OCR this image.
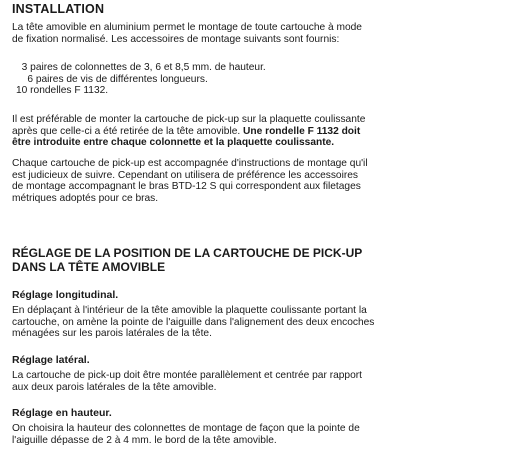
INSTALLATION

La tête amovible en aluminium permet le montage de toute cartouche à mode
de fixation normalisé. Les accessoires de montage suivants sont fournis:

3 paires de colonnettes de 3, 6 et 8,5 mm. de hauteur.
6 paires de vis de différentes longueurs.
10 rondelles F 1132.

Il est préférable de monter la cartouche de pick-up sur la plaquette coulissante
après que celle-ci a été retirée de la tête amovible. Une rondelle F 1132 doit
être introduite entre chaque colonnette et la plaquette coulissante.

Chaque cartouche de pick-up est accompagnée d'instructions de montage qu'il
est judicieux de suivre. Cependant on utilisera de préférence les accessoires
de montage accompagnant le bras BTD-12 S qui correspondent aux filetages
métriques adoptés pour ce bras.

RÉGLAGE DE LA POSITION DE LA CARTOUCHE DE PICK-UP
DANS LA TÊTE AMOVIBLE
Réglage longitudinal.

En déplaçant à l'intérieur de la tête amovible la plaquette coulissante portant la
cartouche, on amène la pointe de l'aiguille dans l'alignement des deux encoches
ménagées sur les parois latérales de la tête.

Réglage latéral.

La cartouche de pick-up doit être montée parallèlement et centrée par rapport
aux deux parois latérales de la tête amovible.

Réglage en hauteur.

On choisira la hauteur des colonnettes de montage de façon que la pointe de
l'aiguille dépasse de 2 à 4 mm. le bord de la tête amovible.
